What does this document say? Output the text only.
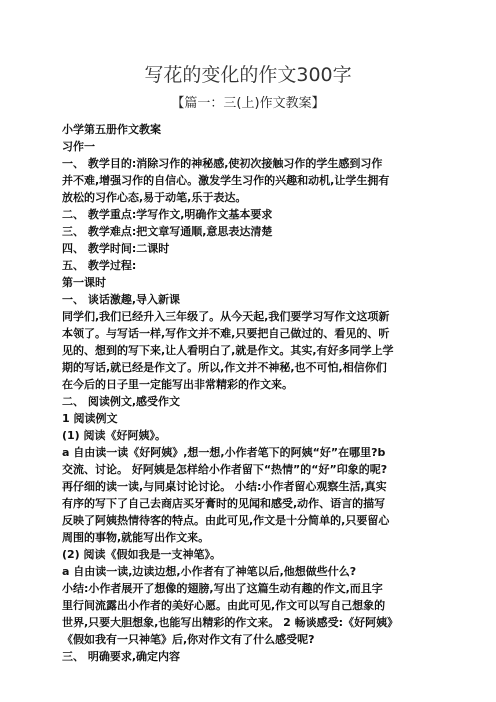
写花的变化的作文300字
【篇一：三(上)作文教案】
小学第五册作文教案
习作一
一、 教学目的:消除习作的神秘感,使初次接触习作的学生感到习作
并不难,增强习作的自信心。激发学生习作的兴趣和动机,让学生拥有
放松的习作心态,易于动笔,乐于表达。
二、 教学重点:学写作文,明确作文基本要求
三、 教学难点:把文章写通顺,意思表达清楚
四、 教学时间:二课时
五、 教学过程:
第一课时
一、 谈话激趣,导入新课
同学们,我们已经升入三年级了。从今天起,我们要学习写作文这项新
本领了。与写话一样,写作文并不难,只要把自己做过的、看见的、听
见的、想到的写下来,让人看明白了,就是作文。其实,有好多同学上学
期的写话,就已经是作文了。所以,作文并不神秘,也不可怕,相信你们
在今后的日子里一定能写出非常精彩的作文来。
二、 阅读例文,感受作文
1 阅读例文
(1) 阅读《好阿姨》。
a 自由读一读《好阿姨》,想一想,小作者笔下的阿姨“好”在哪里?b
交流、讨论。 好阿姨是怎样给小作者留下“热情”的“好”印象的呢?
再仔细的读一读,与同桌讨论讨论。 小结:小作者留心观察生活,真实
有序的写下了自己去商店买牙膏时的见闻和感受,动作、语言的描写
反映了阿姨热情待客的特点。由此可见,作文是十分简单的,只要留心
周围的事物,就能写出作文来。
(2) 阅读《假如我是一支神笔》。
a 自由读一读,边读边想,小作者有了神笔以后,他想做些什么?
小结:小作者展开了想像的翅膀,写出了这篇生动有趣的作文,而且字
里行间流露出小作者的美好心愿。由此可见,作文可以写自己想象的
世界,只要大胆想象,也能写出精彩的作文来。 2 畅谈感受:《好阿姨》
《假如我有一只神笔》后,你对作文有了什么感受呢?
三、 明确要求,确定内容
